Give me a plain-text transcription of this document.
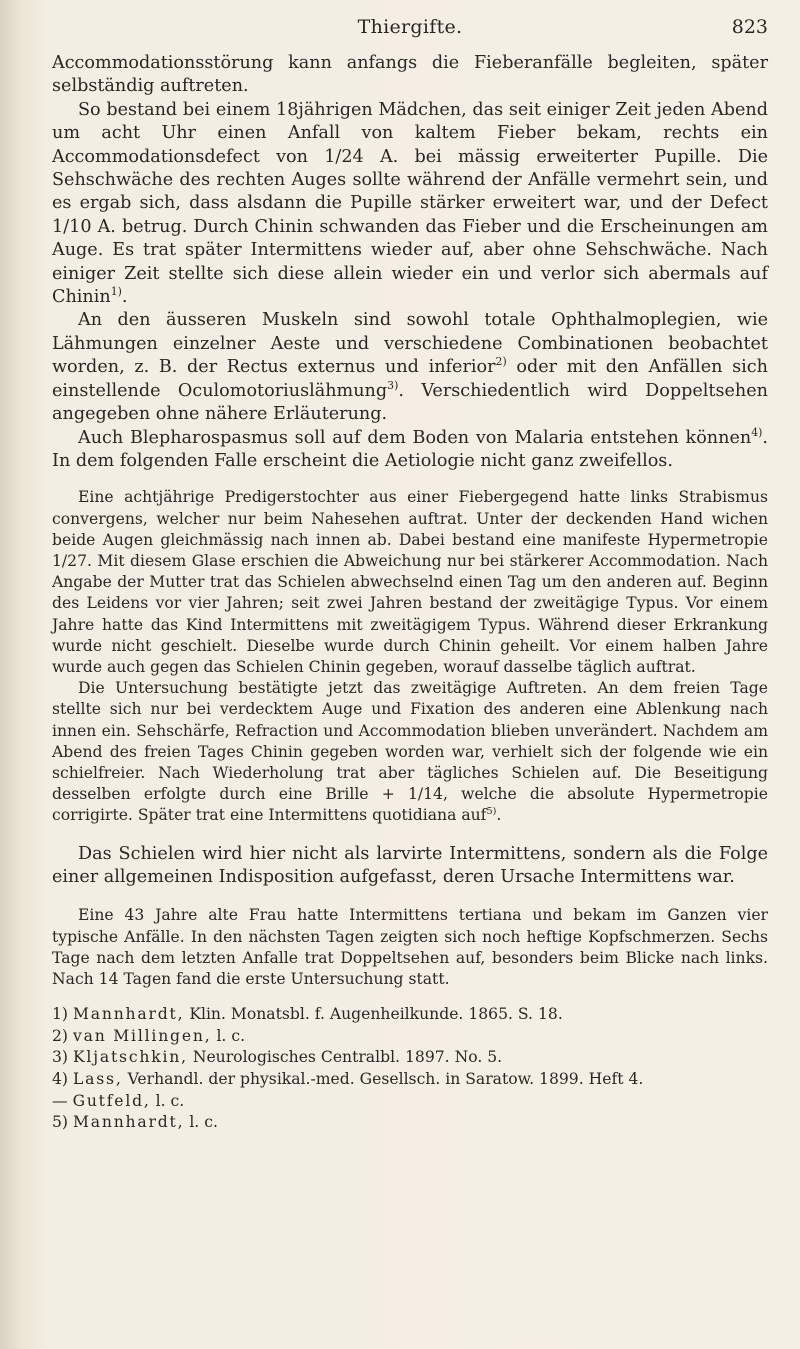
Thiergifte.	823

Accommodationsstörung kann anfangs die Fieberanfälle begleiten, später selbständig auftreten.

So bestand bei einem 18jährigen Mädchen, das seit einiger Zeit jeden Abend um acht Uhr einen Anfall von kaltem Fieber bekam, rechts ein Accommodationsdefect von 1/24 A. bei mässig erweiterter Pupille. Die Sehschwäche des rechten Auges sollte während der Anfälle vermehrt sein, und es ergab sich, dass alsdann die Pupille stärker erweitert war, und der Defect 1/10 A. betrug. Durch Chinin schwanden das Fieber und die Erscheinungen am Auge. Es trat später Intermittens wieder auf, aber ohne Sehschwäche. Nach einiger Zeit stellte sich diese allein wieder ein und verlor sich abermals auf Chinin$^{1)}$.

An den äusseren Muskeln sind sowohl totale Ophthalmoplegien, wie Lähmungen einzelner Aeste und verschiedene Combinationen beobachtet worden, z. B. der Rectus externus und inferior$^{2)}$ oder mit den Anfällen sich einstellende Oculomotoriuslähmung$^{3)}$. Verschiedentlich wird Doppeltsehen angegeben ohne nähere Erläuterung.

Auch Blepharospasmus soll auf dem Boden von Malaria entstehen können$^{4)}$. In dem folgenden Falle erscheint die Aetiologie nicht ganz zweifellos.

Eine achtjährige Predigerstochter aus einer Fiebergegend hatte links Strabismus convergens, welcher nur beim Nahesehen auftrat. Unter der deckenden Hand wichen beide Augen gleichmässig nach innen ab. Dabei bestand eine manifeste Hypermetropie 1/27. Mit diesem Glase erschien die Abweichung nur bei stärkerer Accommodation. Nach Angabe der Mutter trat das Schielen abwechselnd einen Tag um den anderen auf. Beginn des Leidens vor vier Jahren; seit zwei Jahren bestand der zweitägige Typus. Vor einem Jahre hatte das Kind Intermittens mit zweitägigem Typus. Während dieser Erkrankung wurde nicht geschielt. Dieselbe wurde durch Chinin geheilt. Vor einem halben Jahre wurde auch gegen das Schielen Chinin gegeben, worauf dasselbe täglich auftrat.

Die Untersuchung bestätigte jetzt das zweitägige Auftreten. An dem freien Tage stellte sich nur bei verdecktem Auge und Fixation des anderen eine Ablenkung nach innen ein. Sehschärfe, Refraction und Accommodation blieben unverändert. Nachdem am Abend des freien Tages Chinin gegeben worden war, verhielt sich der folgende wie ein schielfreier. Nach Wiederholung trat aber tägliches Schielen auf. Die Beseitigung desselben erfolgte durch eine Brille + 1/14, welche die absolute Hypermetropie corrigirte. Später trat eine Intermittens quotidiana auf$^{5)}$.

Das Schielen wird hier nicht als larvirte Intermittens, sondern als die Folge einer allgemeinen Indisposition aufgefasst, deren Ursache Intermittens war.

Eine 43 Jahre alte Frau hatte Intermittens tertiana und bekam im Ganzen vier typische Anfälle. In den nächsten Tagen zeigten sich noch heftige Kopfschmerzen. Sechs Tage nach dem letzten Anfalle trat Doppeltsehen auf, besonders beim Blicke nach links. Nach 14 Tagen fand die erste Untersuchung statt.

1) Mannhardt, Klin. Monatsbl. f. Augenheilkunde. 1865. S. 18.

2) van Millingen, l. c.

3) Kljatschkin, Neurologisches Centralbl. 1897. No. 5.

4) Lass, Verhandl. der physikal.-med. Gesellsch. in Saratow. 1899. Heft 4.

— Gutfeld, l. c.

5) Mannhardt, l. c.
